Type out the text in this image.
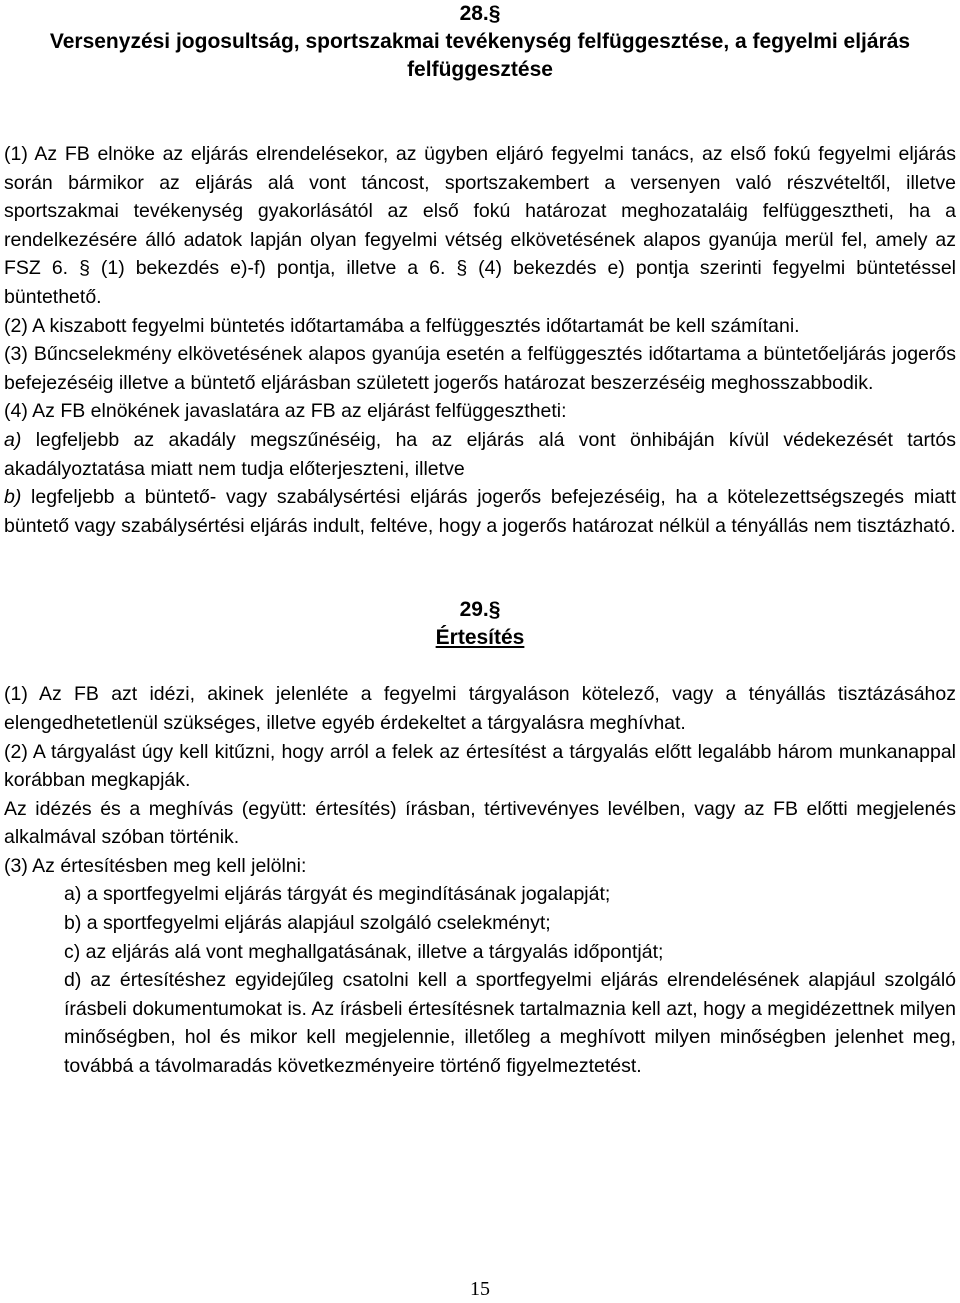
28.§
Versenyzési jogosultság, sportszakmai tevékenység felfüggesztése, a fegyelmi eljárás felfüggesztése

(1) Az FB elnöke az eljárás elrendelésekor, az ügyben eljáró fegyelmi tanács, az első fokú fegyelmi eljárás során bármikor az eljárás alá vont táncost, sportszakembert a versenyen való részvételtől, illetve sportszakmai tevékenység gyakorlásától az első fokú határozat meghozataláig felfüggesztheti, ha a rendelkezésére álló adatok lapján olyan fegyelmi vétség elkövetésének alapos gyanúja merül fel, amely az FSZ 6. § (1) bekezdés e)-f) pontja, illetve a 6. § (4) bekezdés e) pontja szerinti fegyelmi büntetéssel büntethető.

(2) A kiszabott fegyelmi büntetés időtartamába a felfüggesztés időtartamát be kell számítani.

(3) Bűncselekmény elkövetésének alapos gyanúja esetén a felfüggesztés időtartama a büntetőeljárás jogerős befejezéséig illetve a büntető eljárásban született jogerős határozat beszerzéséig meghosszabbodik.

(4) Az FB elnökének javaslatára az FB az eljárást felfüggesztheti:

a) legfeljebb az akadály megszűnéséig, ha az eljárás alá vont önhibáján kívül védekezését tartós akadályoztatása miatt nem tudja előterjeszteni, illetve

b) legfeljebb a büntető- vagy szabálysértési eljárás jogerős befejezéséig, ha a kötelezettségszegés miatt büntető vagy szabálysértési eljárás indult, feltéve, hogy a jogerős határozat nélkül a tényállás nem tisztázható.

29.§
Értesítés

(1) Az FB azt idézi, akinek jelenléte a fegyelmi tárgyaláson kötelező, vagy a tényállás tisztázásához elengedhetetlenül szükséges, illetve egyéb érdekeltet a tárgyalásra meghívhat.

(2) A tárgyalást úgy kell kitűzni, hogy arról a felek az értesítést a tárgyalás előtt legalább három munkanappal korábban megkapják.

Az idézés és a meghívás (együtt: értesítés) írásban, tértivevényes levélben, vagy az FB előtti megjelenés alkalmával szóban történik.

(3) Az értesítésben meg kell jelölni:

a) a sportfegyelmi eljárás tárgyát és megindításának jogalapját;

b) a sportfegyelmi eljárás alapjául szolgáló cselekményt;

c) az eljárás alá vont meghallgatásának, illetve a tárgyalás időpontját;

d) az értesítéshez egyidejűleg csatolni kell a sportfegyelmi eljárás elrendelésének alapjául szolgáló írásbeli dokumentumokat is. Az írásbeli értesítésnek tartalmaznia kell azt, hogy a megidézettnek milyen minőségben, hol és mikor kell megjelennie, illetőleg a meghívott milyen minőségben jelenhet meg, továbbá a távolmaradás következményeire történő figyelmeztetést.

15
